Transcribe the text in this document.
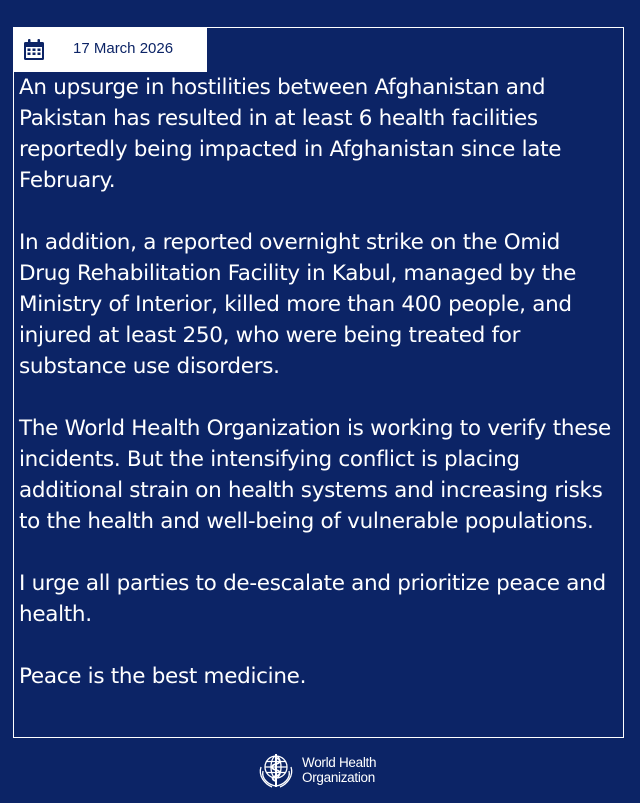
17 March 2026

An upsurge in hostilities between Afghanistan and Pakistan has resulted in at least 6 health facilities reportedly being impacted in Afghanistan since late February.

In addition, a reported overnight strike on the Omid Drug Rehabilitation Facility in Kabul, managed by the Ministry of Interior, killed more than 400 people, and injured at least 250, who were being treated for substance use disorders.

The World Health Organization is working to verify these incidents. But the intensifying conflict is placing additional strain on health systems and increasing risks to the health and well-being of vulnerable populations.

I urge all parties to de-escalate and prioritize peace and health.

Peace is the best medicine.

World Health
Organization
